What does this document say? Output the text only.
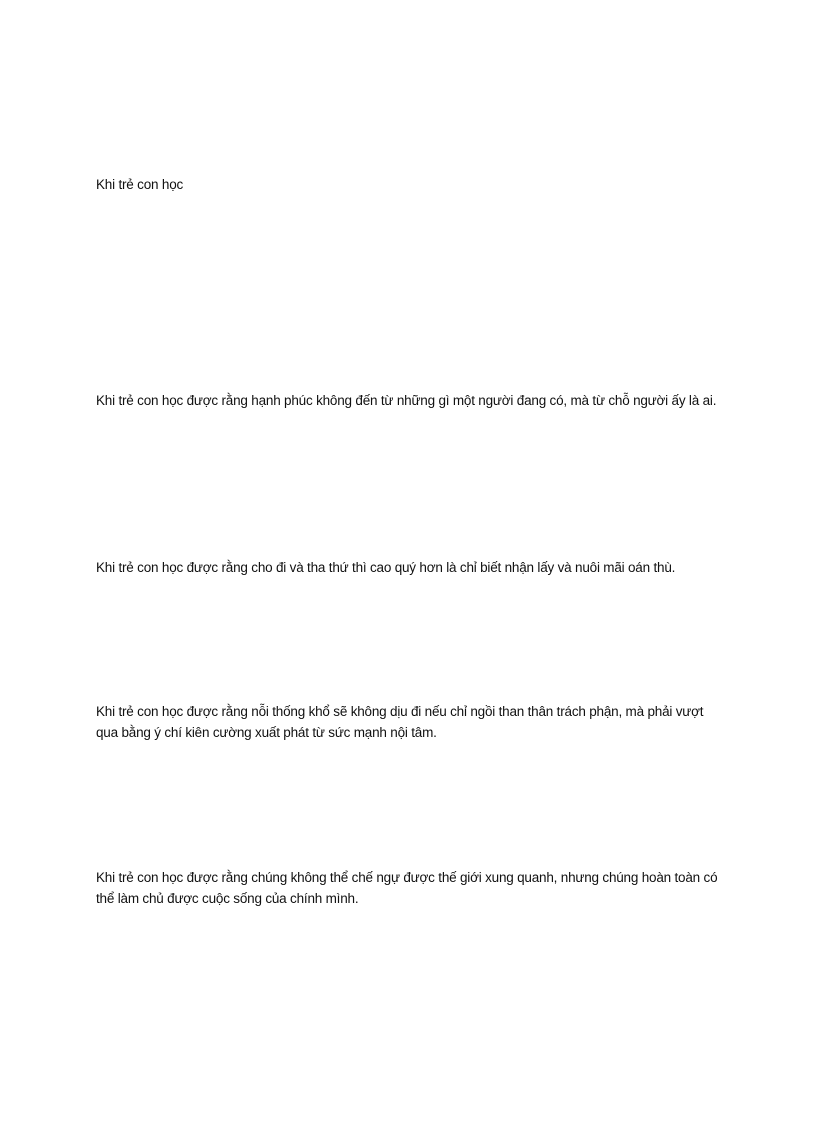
Khi trẻ con học

Khi trẻ con học được rằng hạnh phúc không đến từ những gì một người đang có, mà từ chỗ người ấy là ai.

Khi trẻ con học được rằng cho đi và tha thứ thì cao quý hơn là chỉ biết nhận lấy và nuôi mãi oán thù.

Khi trẻ con học được rằng nỗi thống khổ sẽ không dịu đi nếu chỉ ngồi than thân trách phận, mà phải vượt qua bằng ý chí kiên cường xuất phát từ sức mạnh nội tâm.

Khi trẻ con học được rằng chúng không thể chế ngự được thế giới xung quanh, nhưng chúng hoàn toàn có thể làm chủ được cuộc sống của chính mình.
